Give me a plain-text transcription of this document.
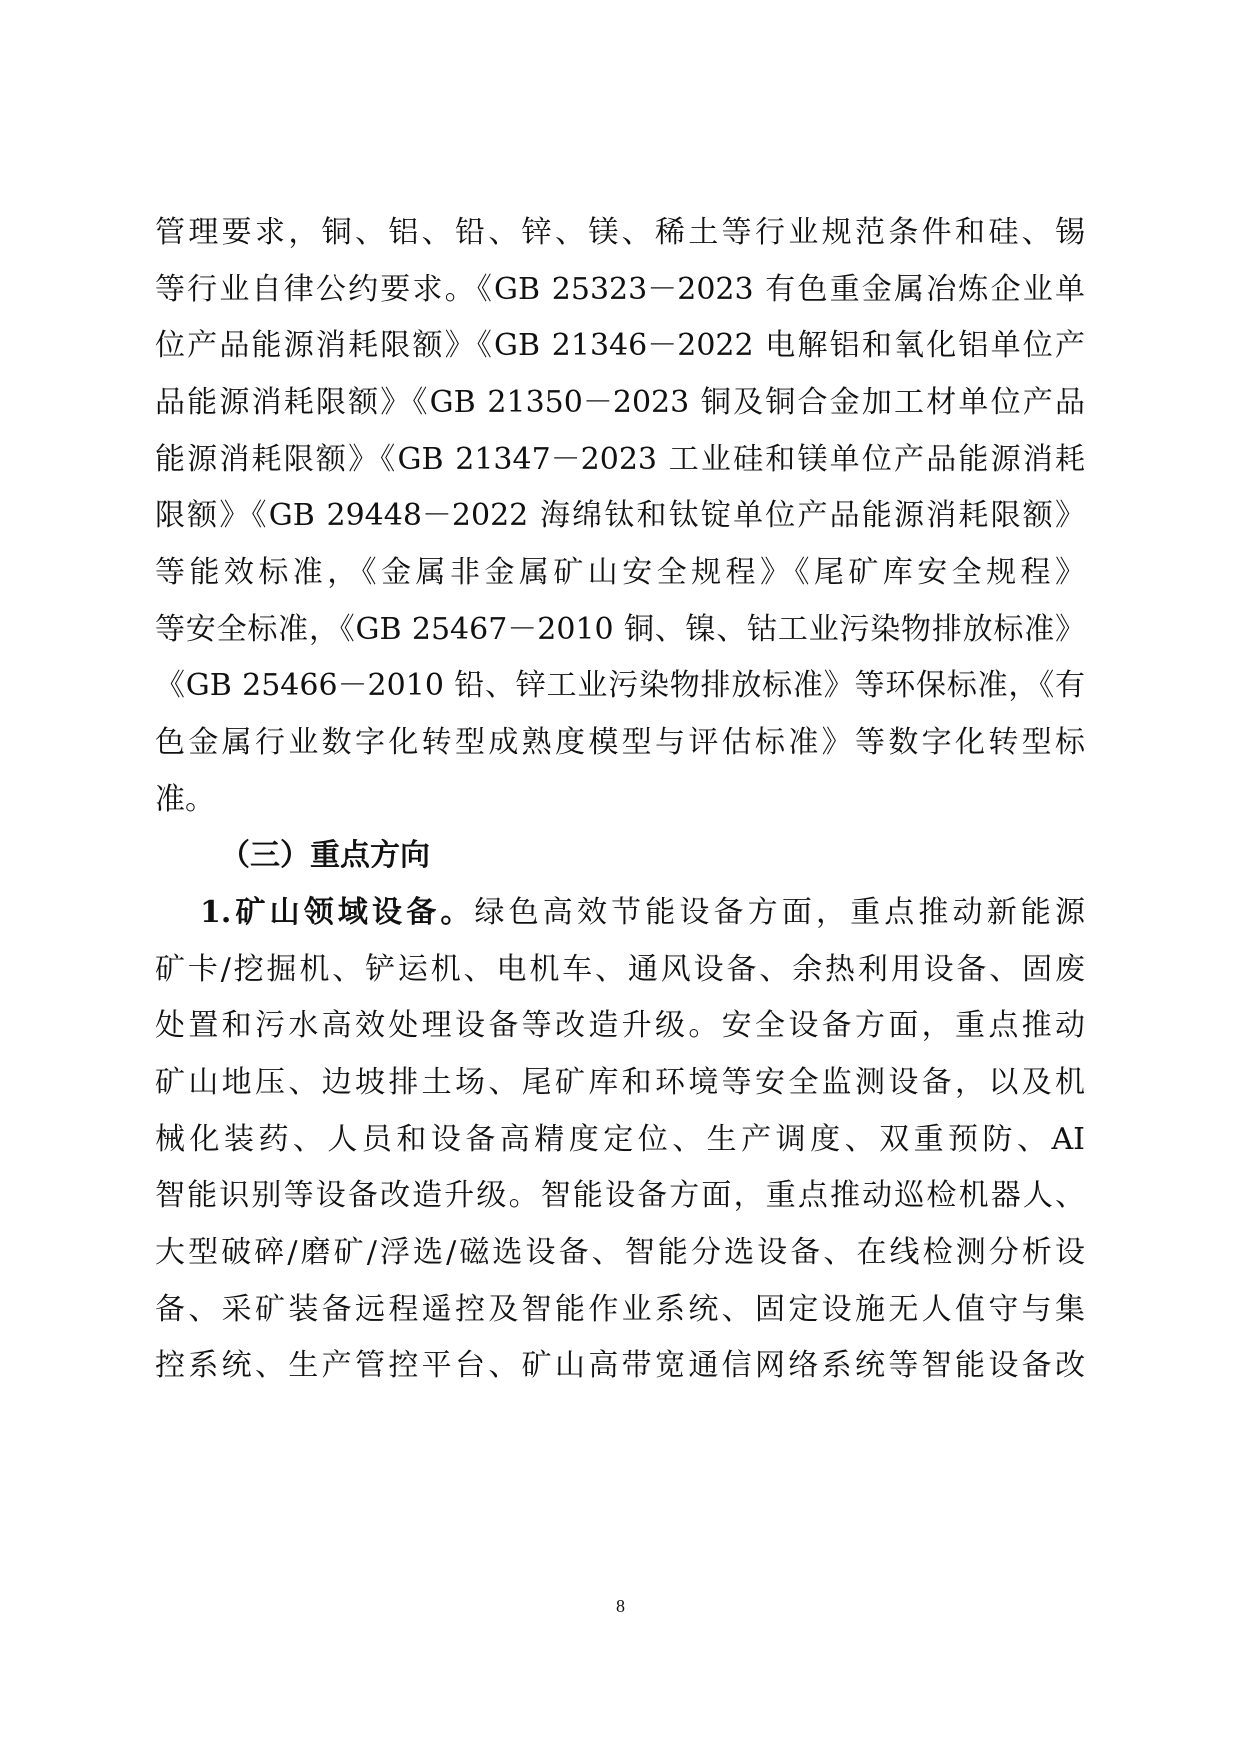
管理要求，铜、铝、铅、锌、镁、稀土等行业规范条件和硅、锡
等行业自律公约要求。《GB 25323－2023 有色重金属冶炼企业单
位产品能源消耗限额》《GB 21346－2022 电解铝和氧化铝单位产
品能源消耗限额》《GB 21350－2023 铜及铜合金加工材单位产品
能源消耗限额》《GB 21347－2023 工业硅和镁单位产品能源消耗
限额》《GB 29448－2022 海绵钛和钛锭单位产品能源消耗限额》
等能效标准，《金属非金属矿山安全规程》《尾矿库安全规程》
等安全标准，《GB 25467－2010 铜、镍、钴工业污染物排放标准》
《GB 25466－2010 铅、锌工业污染物排放标准》等环保标准，《有
色金属行业数字化转型成熟度模型与评估标准》等数字化转型标
准。
（三）重点方向
1.矿山领域设备。绿色高效节能设备方面，重点推动新能源
矿卡/挖掘机、铲运机、电机车、通风设备、余热利用设备、固废
处置和污水高效处理设备等改造升级。安全设备方面，重点推动
矿山地压、边坡排土场、尾矿库和环境等安全监测设备，以及机
械化装药、人员和设备高精度定位、生产调度、双重预防、AI
智能识别等设备改造升级。智能设备方面，重点推动巡检机器人、
大型破碎/磨矿/浮选/磁选设备、智能分选设备、在线检测分析设
备、采矿装备远程遥控及智能作业系统、固定设施无人值守与集
控系统、生产管控平台、矿山高带宽通信网络系统等智能设备改
8
